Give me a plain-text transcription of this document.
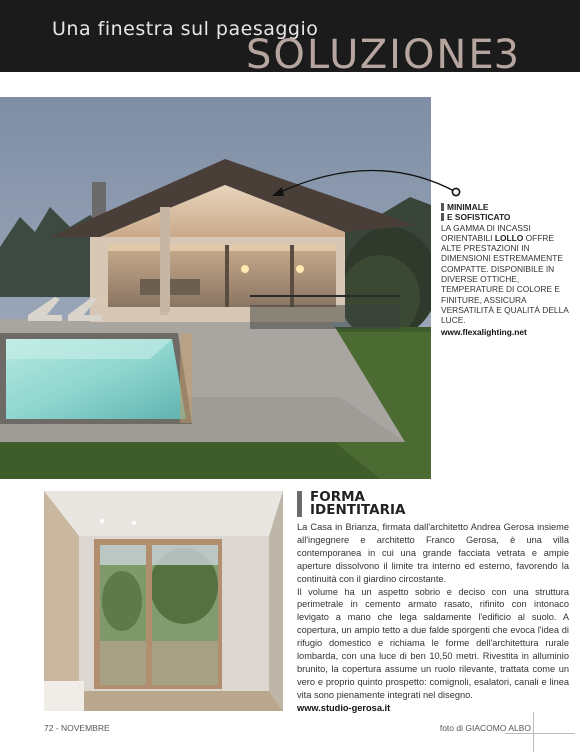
Una finestra sul paesaggio
SOLUZIONE3
MINIMALE
E SOFISTICATO
LA GAMMA DI INCASSI ORIENTABILI LOLLO OFFRE ALTE PRESTAZIONI IN DIMENSIONI ESTREMAMENTE COMPATTE. DISPONIBILE IN DIVERSE OTTICHE, TEMPERATURE DI COLORE E FINITURE, ASSICURA VERSATILITÀ E QUALITÀ DELLA LUCE.
www.flexalighting.net
FORMA
IDENTITARIA

La Casa in Brianza, firmata dall'architetto Andrea Gerosa insieme all'ingegnere e architetto Franco Gerosa, è una villa contemporanea in cui una grande facciata vetrata e ampie aperture dissolvono il limite tra interno ed esterno, favorendo la continuità con il giardino circostante.

Il volume ha un aspetto sobrio e deciso con una struttura perimetrale in cemento armato rasato, rifinito con intonaco levigato a mano che lega saldamente l'edificio al suolo. A copertura, un ampio tetto a due falde sporgenti che evoca l'idea di rifugio domestico e richiama le forme dell'architettura rurale lombarda, con una luce di ben 10,50 metri. Rivestita in alluminio brunito, la copertura assume un ruolo rilevante, trattata come un vero e proprio quinto prospetto: comignoli, esalatori, canali e linea vita sono pienamente integrati nel disegno.

www.studio-gerosa.it
72 - NOVEMBRE	foto di GIACOMO ALBO
